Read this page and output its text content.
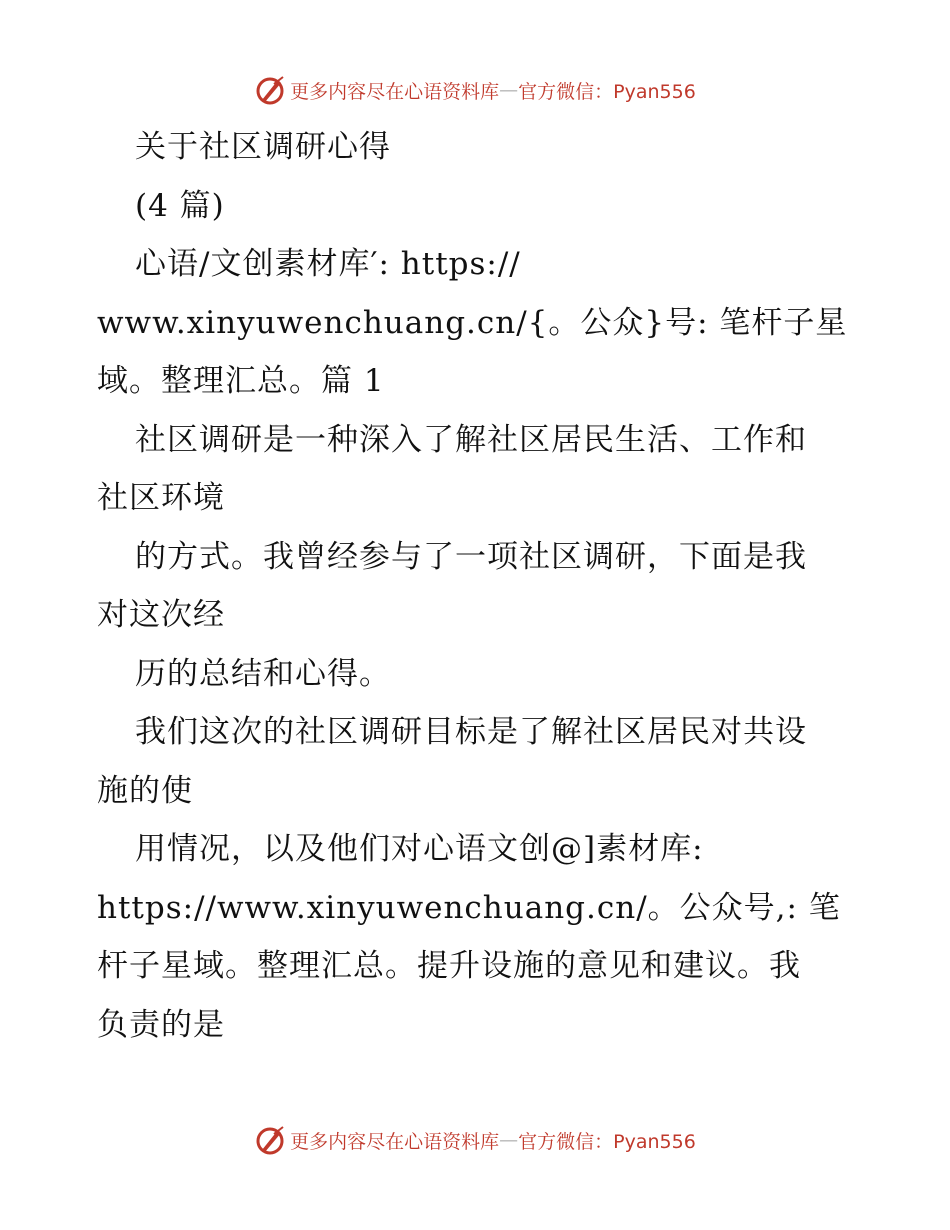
更多内容尽在心语资料库 — 官方微信：Pyan556
关于社区调研心得
(4 篇)
心语/文创素材库′: https://
www.xinyuwenchuang.cn/{。公众}号: 笔杆子星
域。整理汇总。篇 1
社区调研是一种深入了解社区居民生活、工作和
社区环境
的方式。我曾经参与了一项社区调研，下面是我
对这次经
历的总结和心得。
我们这次的社区调研目标是了解社区居民对共设
施的使
用情况，以及他们对心语文创@]素材库:
https://www.xinyuwenchuang.cn/。公众号,: 笔
杆子星域。整理汇总。提升设施的意见和建议。我
负责的是
更多内容尽在心语资料库 — 官方微信：Pyan556
